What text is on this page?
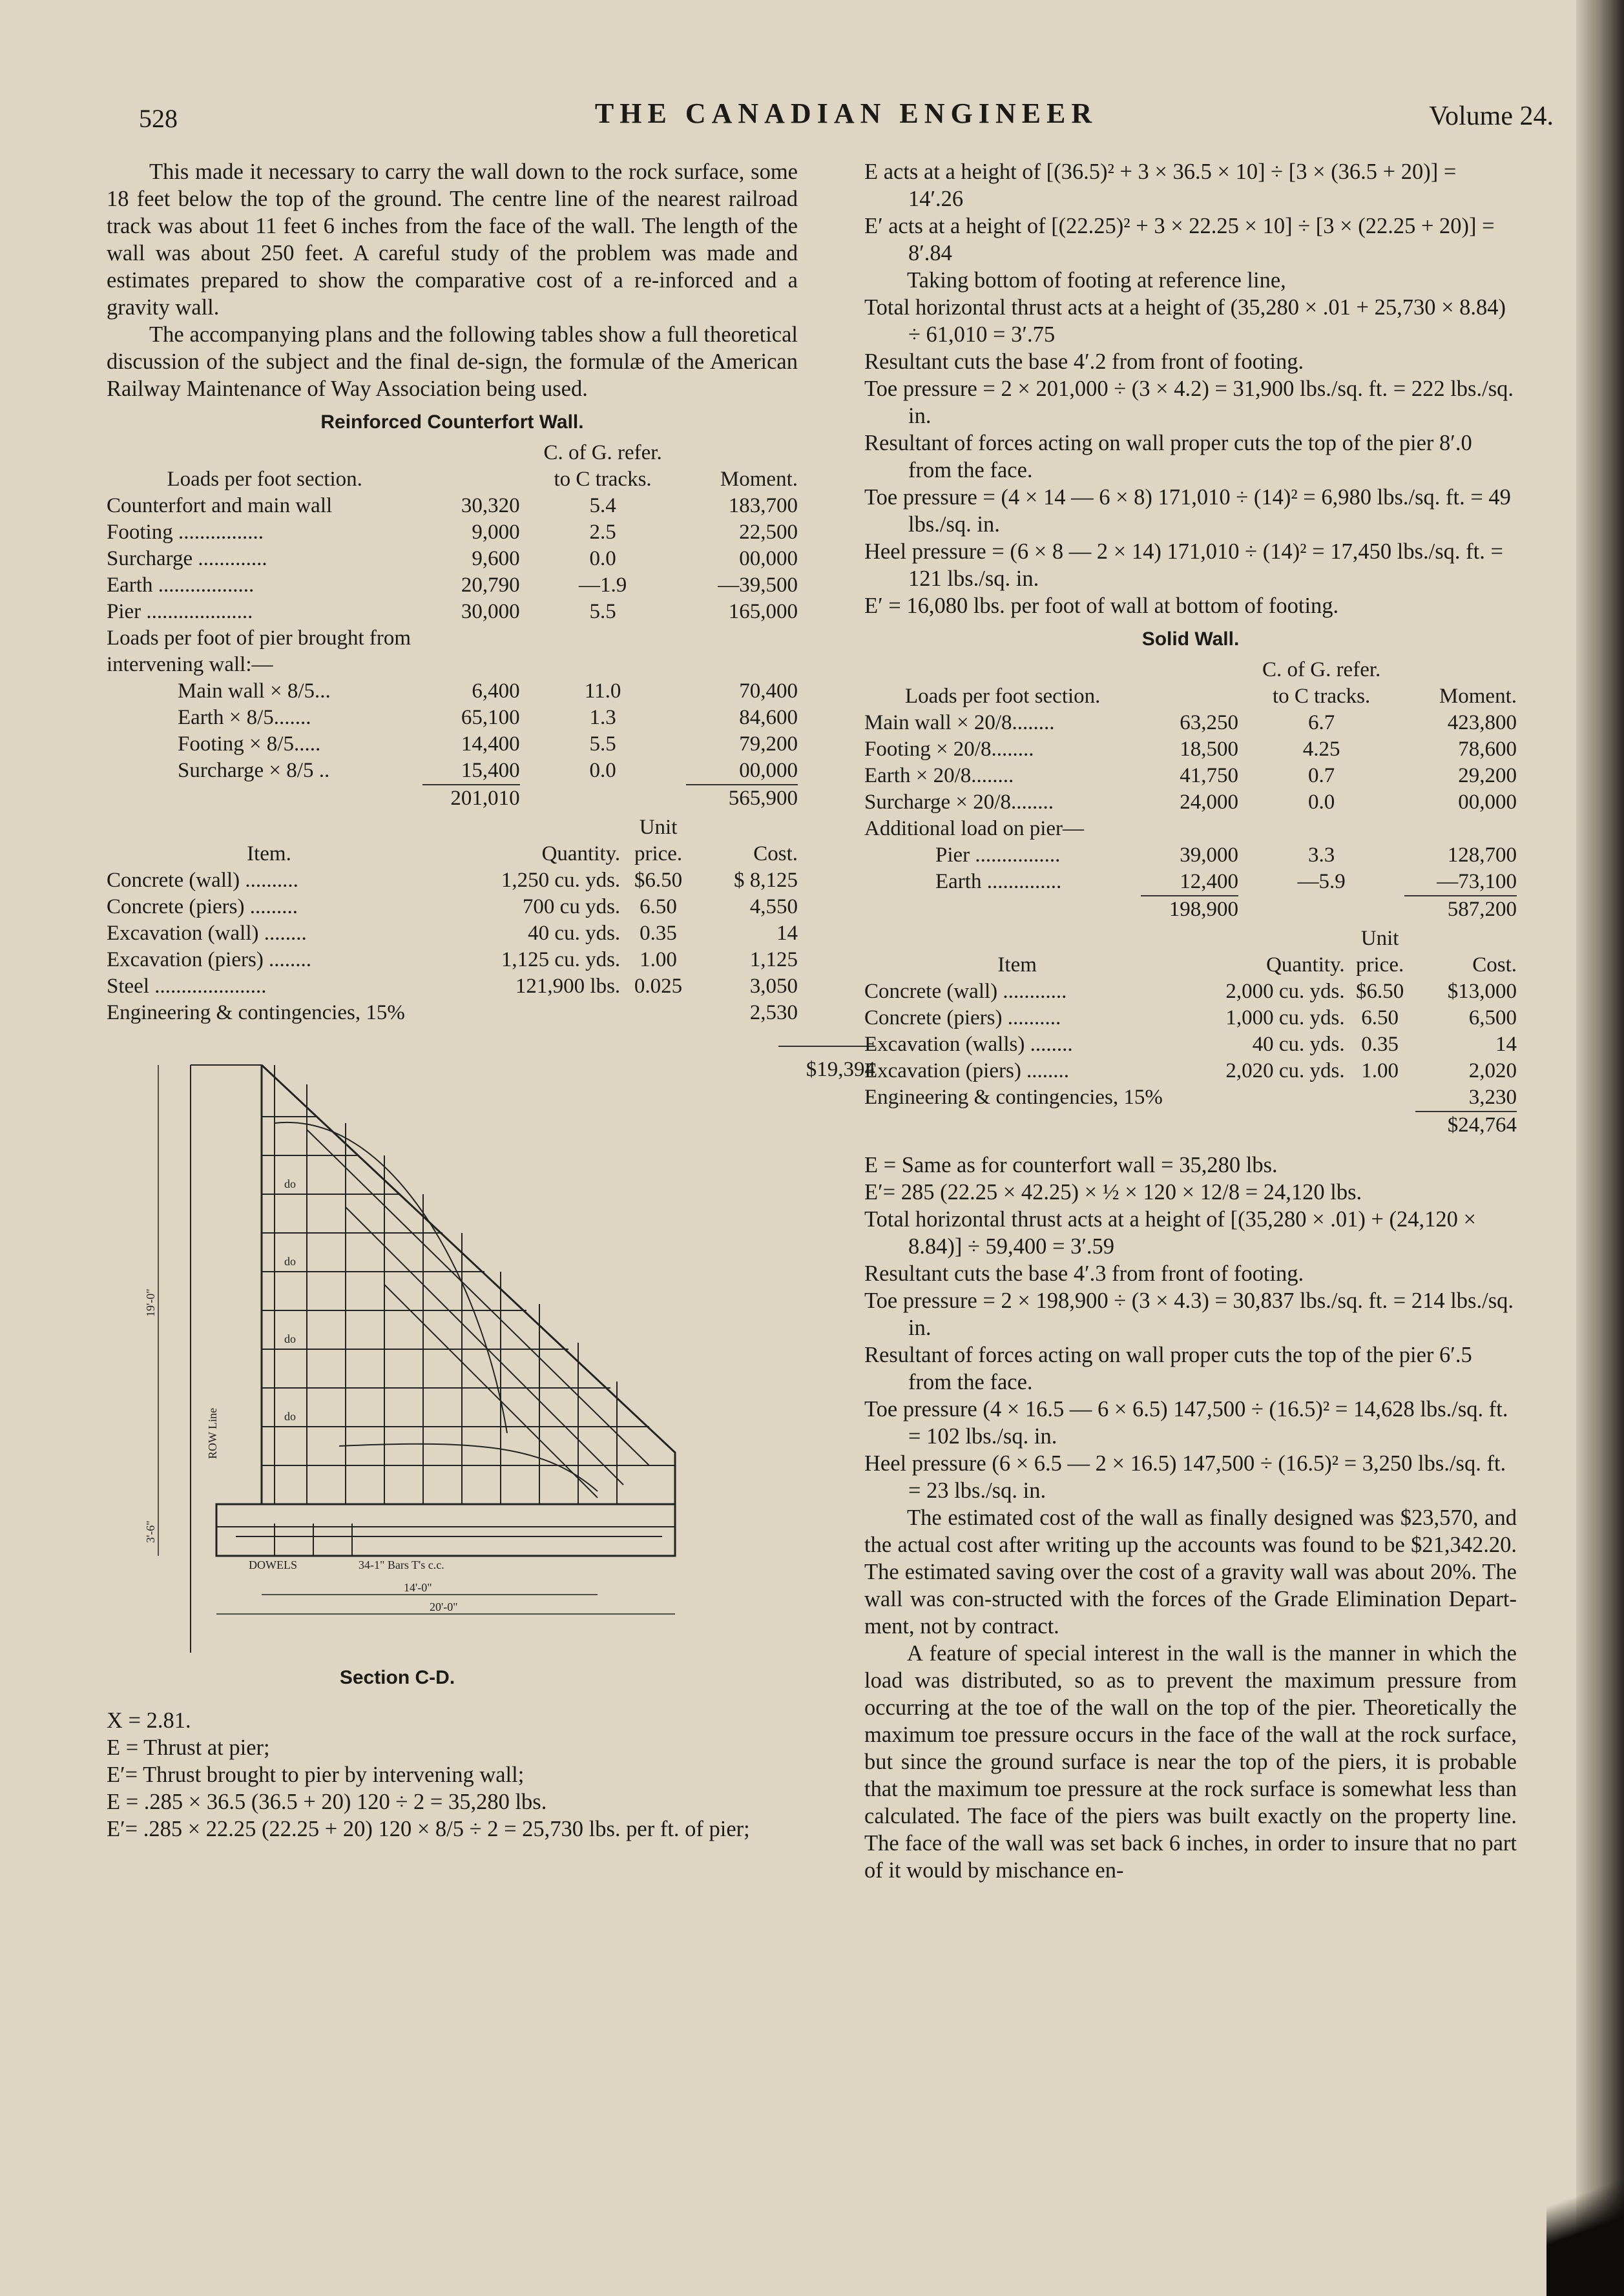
528	THE CANADIAN ENGINEER	Volume 24.

This made it necessary to carry the wall down to the rock surface, some 18 feet below the top of the ground. The centre line of the nearest railroad track was about 11 feet 6 inches from the face of the wall. The length of the wall was about 250 feet. A careful study of the problem was made and estimates prepared to show the comparative cost of a re-inforced and a gravity wall.

The accompanying plans and the following tables show a full theoretical discussion of the subject and the final de-sign, the formulæ of the American Railway Maintenance of Way Association being used.

Reinforced Counterfort Wall.
		C. of G. refer.	
Loads per foot section.		to C tracks.	Moment.
Counterfort and main wall	30,320	5.4	183,700
Footing ................	9,000	2.5	22,500
Surcharge .............	9,600	0.0	00,000
Earth ..................	20,790	—1.9	—39,500
Pier ....................	30,000	5.5	165,000
Loads per foot of pier brought from intervening wall:—			
Main wall × 8/5...	6,400	11.0	70,400
Earth × 8/5.......	65,100	1.3	84,600
Footing × 8/5.....	14,400	5.5	79,200
Surcharge × 8/5 ..	15,400	0.0	00,000

	201,010		565,900
		Unit	
Item.	Quantity.	price.	Cost.
Concrete (wall) ..........	1,250 cu. yds.	$6.50	$ 8,125
Concrete (piers) .........	700 cu yds.	6.50	4,550
Excavation (wall) ........	40 cu. yds.	0.35	14
Excavation (piers) ........	1,125 cu. yds.	1.00	1,125
Steel .....................	121,900 lbs.	0.025	3,050
Engineering & contingencies, 15%			2,530
$19,394
19'-0"
3'-6"
14'-0"
20'-0"
DOWELS	34-1" Bars T's c.c.
ROW Line
do
do
do
do
Section C-D.

X = 2.81.

E = Thrust at pier;

E′= Thrust brought to pier by intervening wall;

E = .285 × 36.5 (36.5 + 20) 120 ÷ 2 = 35,280 lbs.

E′= .285 × 22.25 (22.25 + 20) 120 × 8/5 ÷ 2 = 25,730 lbs. per ft. of pier;

E acts at a height of [(36.5)² + 3 × 36.5 × 10] ÷ [3 × (36.5 + 20)] = 14′.26

E′ acts at a height of [(22.25)² + 3 × 22.25 × 10] ÷ [3 × (22.25 + 20)] = 8′.84

Taking bottom of footing at reference line,

Total horizontal thrust acts at a height of (35,280 × .01 + 25,730 × 8.84) ÷ 61,010 = 3′.75

Resultant cuts the base 4′.2 from front of footing.

Toe pressure = 2 × 201,000 ÷ (3 × 4.2) = 31,900 lbs./sq. ft. = 222 lbs./sq. in.

Resultant of forces acting on wall proper cuts the top of the pier 8′.0 from the face.

Toe pressure = (4 × 14 — 6 × 8) 171,010 ÷ (14)² = 6,980 lbs./sq. ft. = 49 lbs./sq. in.

Heel pressure = (6 × 8 — 2 × 14) 171,010 ÷ (14)² = 17,450 lbs./sq. ft. = 121 lbs./sq. in.

E′ = 16,080 lbs. per foot of wall at bottom of footing.

Solid Wall.
		C. of G. refer.	
Loads per foot section.		to C tracks.	Moment.
Main wall × 20/8........	63,250	6.7	423,800
Footing × 20/8........	18,500	4.25	78,600
Earth × 20/8........	41,750	0.7	29,200
Surcharge × 20/8........	24,000	0.0	00,000
Additional load on pier—			
Pier ................	39,000	3.3	128,700
Earth ..............	12,400	—5.9	—73,100

	198,900		587,200
		Unit	
Item	Quantity.	price.	Cost.
Concrete (wall) ............	2,000 cu. yds.	$6.50	$13,000
Concrete (piers) ..........	1,000 cu. yds.	6.50	6,500
Excavation (walls) ........	40 cu. yds.	0.35	14
Excavation (piers) ........	2,020 cu. yds.	1.00	2,020
Engineering & contingencies, 15%			3,230

			$24,764

E = Same as for counterfort wall = 35,280 lbs.

E′= 285 (22.25 × 42.25) × ½ × 120 × 12/8 = 24,120 lbs.

Total horizontal thrust acts at a height of [(35,280 × .01) + (24,120 × 8.84)] ÷ 59,400 = 3′.59

Resultant cuts the base 4′.3 from front of footing.

Toe pressure = 2 × 198,900 ÷ (3 × 4.3) = 30,837 lbs./sq. ft. = 214 lbs./sq. in.

Resultant of forces acting on wall proper cuts the top of the pier 6′.5 from the face.

Toe pressure (4 × 16.5 — 6 × 6.5) 147,500 ÷ (16.5)² = 14,628 lbs./sq. ft. = 102 lbs./sq. in.

Heel pressure (6 × 6.5 — 2 × 16.5) 147,500 ÷ (16.5)² = 3,250 lbs./sq. ft. = 23 lbs./sq. in.

The estimated cost of the wall as finally designed was $23,570, and the actual cost after writing up the accounts was found to be $21,342.20. The estimated saving over the cost of a gravity wall was about 20%. The wall was con-structed with the forces of the Grade Elimination Depart-ment, not by contract.

A feature of special interest in the wall is the manner in which the load was distributed, so as to prevent the maximum pressure from occurring at the toe of the wall on the top of the pier. Theoretically the maximum toe pressure occurs in the face of the wall at the rock surface, but since the ground surface is near the top of the piers, it is probable that the maximum toe pressure at the rock surface is somewhat less than calculated. The face of the piers was built exactly on the property line. The face of the wall was set back 6 inches, in order to insure that no part of it would by mischance en-
